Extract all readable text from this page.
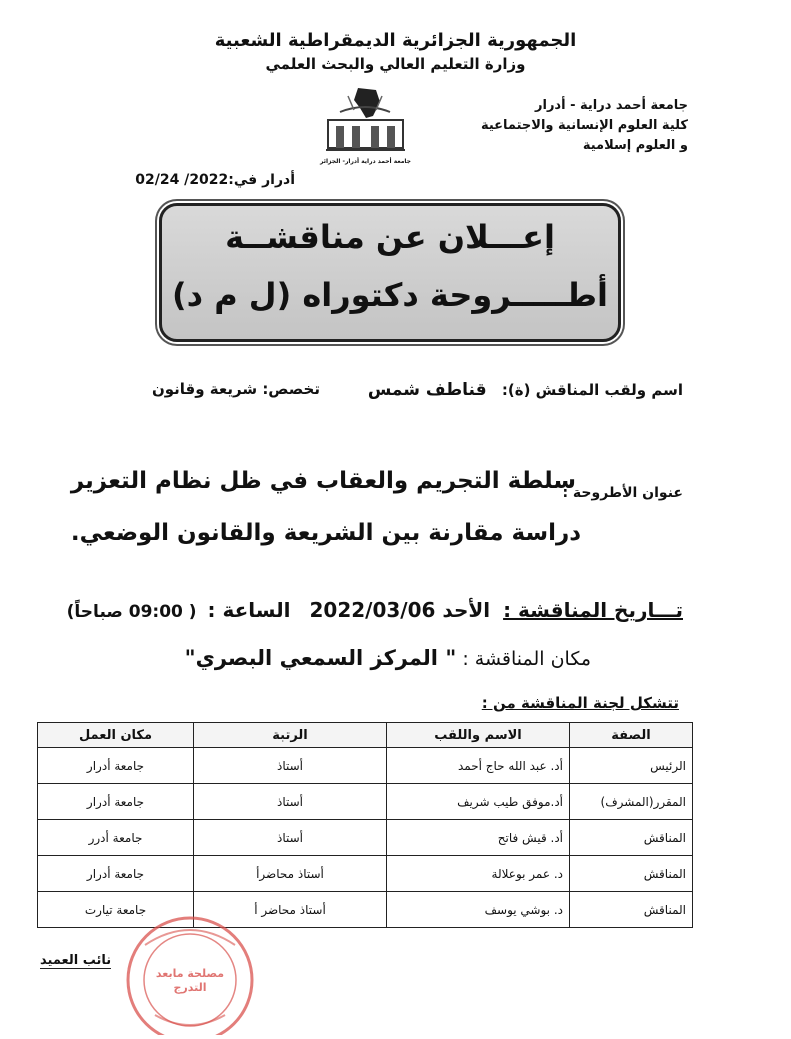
الجمهورية الجزائرية الديمقراطية الشعبية
وزارة التعليم العالي والبحث العلمي
جامعة أحمد دراية أدرار- الجزائر
جامعة أحمد دراية - أدرار
كلية العلوم الإنسانية والاجتماعية
و العلوم إسلامية
أدرار في:2022/ 02/24
إعـــلان عن مناقشــة
أطـــــروحة دكتوراه (ل م د)
اسم ولقب المناقش (ة): قناطف شمس
تخصص: شريعة وقانون
عنوان الأطروحة :
سلطة التجريم والعقاب في ظل نظام التعزير
دراسة مقارنة بين الشريعة والقانون الوضعي.
تـــاريخ المناقشة : الأحد 2022/03/06 الساعة : ( 09:00 صباحاً)
مكان المناقشة : " المركز السمعي البصري"
تتشكل لجنة المناقشة من :
الصفة	الاسم واللقب	الرتبة	مكان العمل
الرئيس	أد. عبد الله حاج أحمد	أستاذ	جامعة أدرار
المقرر(المشرف)	أد.موفق طيب شريف	أستاذ	جامعة أدرار
المناقش	أد. قيش فاتح	أستاذ	جامعة أدرر
المناقش	د. عمر بوعلالة	أستاذ محاضرأ	جامعة أدرار
المناقش	د. بوشي يوسف	أستاذ محاضر أ	جامعة تيارت
مصلحة مابعد التدرج
نائب العميد
